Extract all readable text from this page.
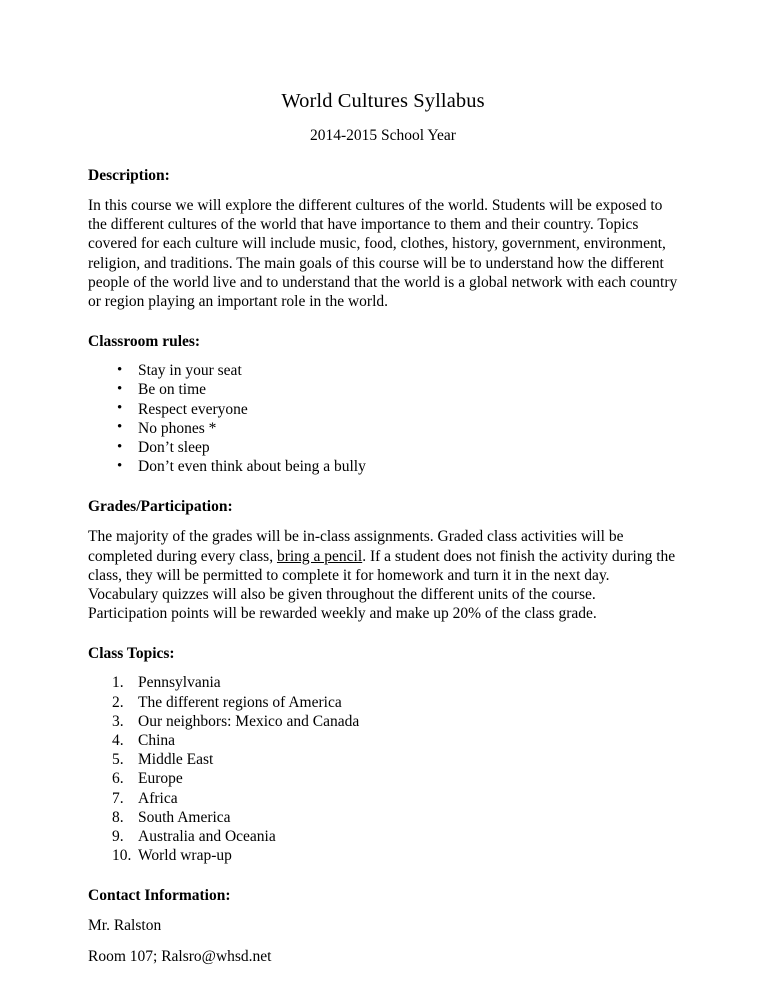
World Cultures Syllabus
2014-2015 School Year
Description:

In this course we will explore the different cultures of the world. Students will be exposed to the different cultures of the world that have importance to them and their country. Topics covered for each culture will include music, food, clothes, history, government, environment, religion, and traditions. The main goals of this course will be to understand how the different people of the world live and to understand that the world is a global network with each country or region playing an important role in the world.

Classroom rules:
• Stay in your seat
• Be on time
• Respect everyone
• No phones *
• Don’t sleep
• Don’t even think about being a bully
Grades/Participation:

The majority of the grades will be in-class assignments. Graded class activities will be completed during every class, bring a pencil. If a student does not finish the activity during the class, they will be permitted to complete it for homework and turn it in the next day. Vocabulary quizzes will also be given throughout the different units of the course. Participation points will be rewarded weekly and make up 20% of the class grade.

Class Topics:
Pennsylvania
The different regions of America
Our neighbors: Mexico and Canada
China
Middle East
Europe
Africa
South America
Australia and Oceania
World wrap-up
Contact Information:
Mr. Ralston
Room 107; Ralsro@whsd.net
